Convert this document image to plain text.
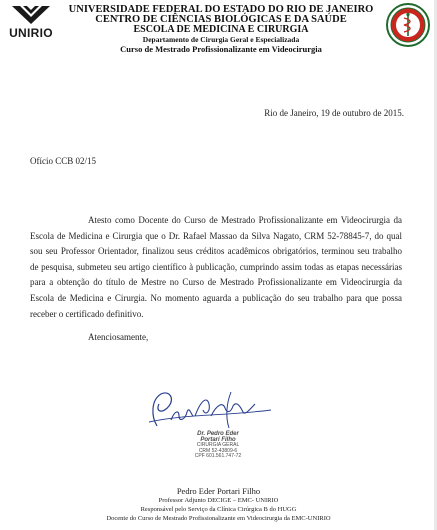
UNIRIO
UNIVERSIDADE FEDERAL DO ESTADO DO RIO DE JANEIRO
CENTRO DE CIÊNCIAS BIOLÓGICAS E DA SAÚDE
ESCOLA DE MEDICINA E CIRURGIA
Departamento de Cirurgia Geral e Especializada
Curso de Mestrado Profissionalizante em Videocirurgia
Rio de Janeiro, 19 de outubro de 2015.
Ofício CCB 02/15
Atesto como Docente do Curso de Mestrado Profissionalizante em Videocirurgia da Escola de Medicina e Cirurgia que o Dr. Rafael Massao da Silva Nagato, CRM 52-78845-7, do qual sou seu Professor Orientador, finalizou seus créditos acadêmicos obrigatórios, terminou seu trabalho de pesquisa, submeteu seu artigo científico à publicação, cumprindo assim todas as etapas necessárias para a obtenção do título de Mestre no Curso de Mestrado Profissionalizante em Videocirurgia da Escola de Medicina e Cirurgia. No momento aguarda a publicação do seu trabalho para que possa receber o certificado definitivo.
Atenciosamente,
Dr. Pedro Eder Portari Filho
CIRURGIA GERAL
CRM 52-43809-6
CPF 601.561.747-72
Pedro Eder Portari Filho
Professor Adjunto DECIGE – EMC- UNIRIO
Responsável pelo Serviço da Clínica Cirúrgica B do HUGG
Docente do Curso de Mestrado Profissionalizante em Videocirurgia da EMC-UNIRIO
